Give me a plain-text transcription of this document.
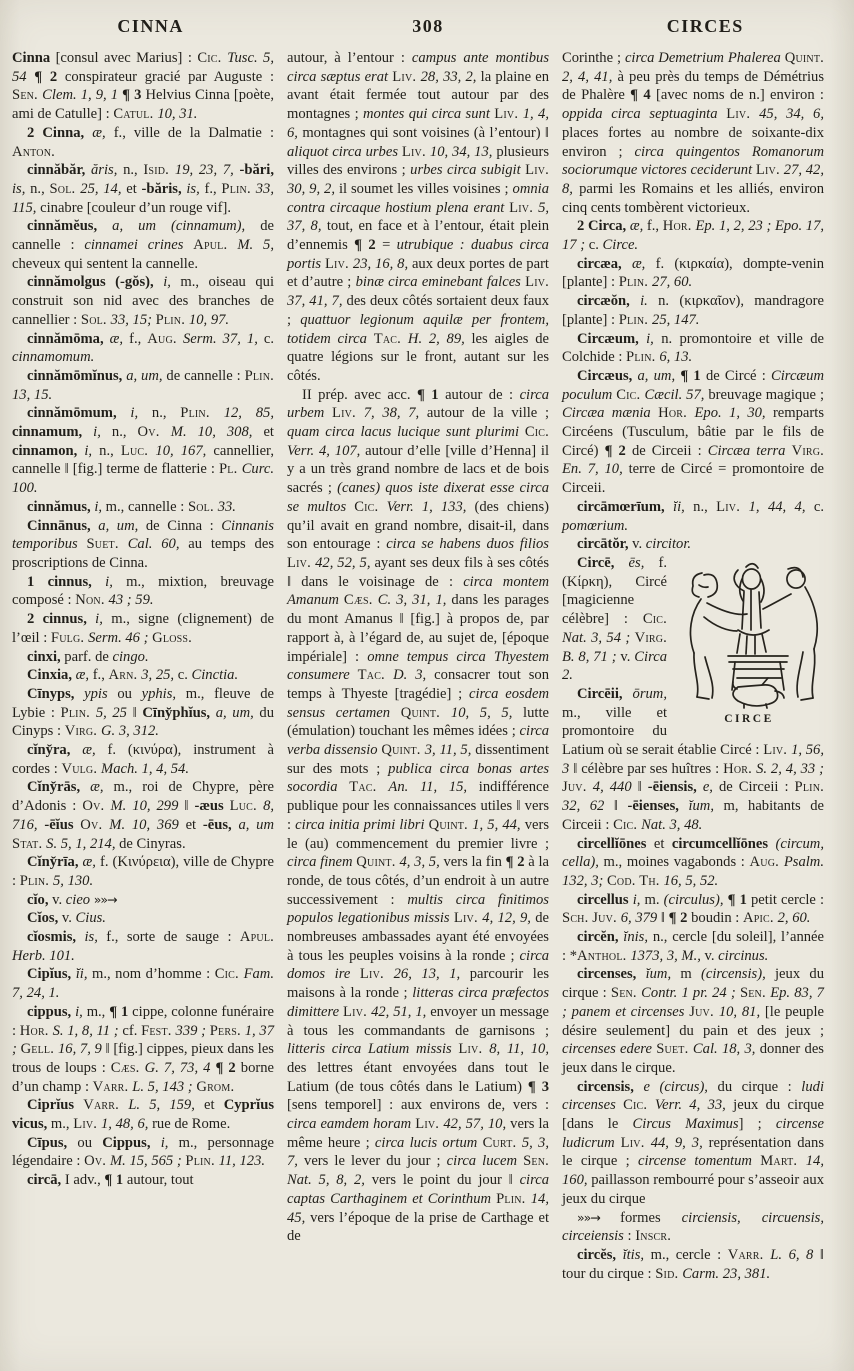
CINNA	308	CIRCES

Cinna [consul avec Marius] : Cic. Tusc. 5, 54 ¶ 2 conspirateur gracié par Auguste : Sen. Clem. 1, 9, 1 ¶ 3 Helvius Cinna [poète, ami de Catulle] : Catul. 10, 31.

2 Cinna, æ, f., ville de la Dalmatie : Anton.

cinnăbăr, ăris, n., Isid. 19, 23, 7, -bări, is, n., Sol. 25, 14, et -băris, is, f., Plin. 33, 115, cinabre [couleur d’un rouge vif].

cinnămĕus, a, um (cinnamum), de cannelle : cinnamei crines Apul. M. 5, cheveux qui sentent la cannelle.

cinnămolgus (-gŏs), i, m., oiseau qui construit son nid avec des branches de cannellier : Sol. 33, 15; Plin. 10, 97.

cinnămōma, æ, f., Aug. Serm. 37, 1, c. cinnamomum.

cinnămōmĭnus, a, um, de cannelle : Plin. 13, 15.

cinnămōmum, i, n., Plin. 12, 85, cinnamum, i, n., Ov. M. 10, 308, et cinnamon, i, n., Luc. 10, 167, cannellier, cannelle ‖ [fig.] terme de flatterie : Pl. Curc. 100.

cinnămus, i, m., cannelle : Sol. 33.

Cinnānus, a, um, de Cinna : Cinnanis temporibus Suet. Cal. 60, au temps des proscriptions de Cinna.

1 cinnus, i, m., mixtion, breuvage composé : Non. 43 ; 59.

2 cinnus, i, m., signe (clignement) de l’œil : Fulg. Serm. 46 ; Gloss.

cinxi, parf. de cingo.

Cinxia, æ, f., Arn. 3, 25, c. Cinctia.

Cīnyps, ypis ou yphis, m., fleuve de Lybie : Plin. 5, 25 ‖ Cīny̆phĭus, a, um, du Cinyps : Virg. G. 3, 312.

cĭny̆ra, æ, f. (κινύρα), instrument à cordes : Vulg. Mach. 1, 4, 54.

Cĭny̆rās, æ, m., roi de Chypre, père d’Adonis : Ov. M. 10, 299 ‖ -æus Luc. 8, 716, -ēĭus Ov. M. 10, 369 et -ēus, a, um Stat. S. 5, 1, 214, de Cinyras.

Cĭny̆rīa, æ, f. (Κινύρεια), ville de Chypre : Plin. 5, 130.

cĭo, v. cieo »»→

Cĭos, v. Cius.

cĭosmis, is, f., sorte de sauge : Apul. Herb. 101.

Cipĭus, ĭi, m., nom d’homme : Cic. Fam. 7, 24, 1.

cippus, i, m., ¶ 1 cippe, colonne funéraire : Hor. S. 1, 8, 11 ; cf. Fest. 339 ; Pers. 1, 37 ; Gell. 16, 7, 9 ‖ [fig.] cippes, pieux dans les trous de loups : Cæs. G. 7, 73, 4 ¶ 2 borne d’un champ : Varr. L. 5, 143 ; Grom.

Ciprĭus Varr. L. 5, 159, et Cyprĭus vicus, m., Liv. 1, 48, 6, rue de Rome.

Cīpus, ou Cippus, i, m., personnage légendaire : Ov. M. 15, 565 ; Plin. 11, 123.

circā, I adv., ¶ 1 autour, tout

autour, à l’entour : campus ante montibus circa sæptus erat Liv. 28, 33, 2, la plaine en avant était fermée tout autour par des montagnes ; montes qui circa sunt Liv. 1, 4, 6, montagnes qui sont voisines (à l’entour) ‖ aliquot circa urbes Liv. 10, 34, 13, plusieurs villes des environs ; urbes circa subigit Liv. 30, 9, 2, il soumet les villes voisines ; omnia contra circaque hostium plena erant Liv. 5, 37, 8, tout, en face et à l’entour, était plein d’ennemis ¶ 2 = utrubique : duabus circa portis Liv. 23, 16, 8, aux deux portes de part et d’autre ; binæ circa eminebant falces Liv. 37, 41, 7, des deux côtés sortaient deux faux ; quattuor legionum aquilæ per frontem, totidem circa Tac. H. 2, 89, les aigles de quatre légions sur le front, autant sur les côtés.

II prép. avec acc. ¶ 1 autour de : circa urbem Liv. 7, 38, 7, autour de la ville ; quam circa lacus lucique sunt plurimi Cic. Verr. 4, 107, autour d’elle [ville d’Henna] il y a un très grand nombre de lacs et de bois sacrés ; (canes) quos iste dixerat esse circa se multos Cic. Verr. 1, 133, (des chiens) qu’il avait en grand nombre, disait-il, dans son entourage : circa se habens duos filios Liv. 42, 52, 5, ayant ses deux fils à ses côtés ‖ dans le voisinage de : circa montem Amanum Cæs. C. 3, 31, 1, dans les parages du mont Amanus ‖ [fig.] à propos de, par rapport à, à l’égard de, au sujet de, [époque impériale] : omne tempus circa Thyestem consumere Tac. D. 3, consacrer tout son temps à Thyeste [tragédie] ; circa eosdem sensus certamen Quint. 10, 5, 5, lutte (émulation) touchant les mêmes idées ; circa verba dissensio Quint. 3, 11, 5, dissentiment sur des mots ; publica circa bonas artes socordia Tac. An. 11, 15, indifférence publique pour les connaissances utiles ‖ vers : circa initia primi libri Quint. 1, 5, 44, vers le (au) commencement du premier livre ; circa finem Quint. 4, 3, 5, vers la fin ¶ 2 à la ronde, de tous côtés, d’un endroit à un autre successivement : multis circa finitimos populos legationibus missis Liv. 4, 12, 9, de nombreuses ambassades ayant été envoyées à tous les peuples voisins à la ronde ; circa domos ire Liv. 26, 13, 1, parcourir les maisons à la ronde ; litteras circa præfectos dimittere Liv. 42, 51, 1, envoyer un message à tous les commandants de garnisons ; litteris circa Latium missis Liv. 8, 11, 10, des lettres étant envoyées dans tout le Latium (de tous côtés dans le Latium) ¶ 3 [sens temporel] : aux environs de, vers : circa eamdem horam Liv. 42, 57, 10, vers la même heure ; circa lucis ortum Curt. 5, 3, 7, vers le lever du jour ; circa lucem Sen. Nat. 5, 8, 2, vers le point du jour ‖ circa captas Carthaginem et Corinthum Plin. 14, 45, vers l’époque de la prise de Carthage et de

Corinthe ; circa Demetrium Phalerea Quint. 2, 4, 41, à peu près du temps de Démétrius de Phalère ¶ 4 [avec noms de n.] environ : oppida circa septuaginta Liv. 45, 34, 6, places fortes au nombre de soixante-dix environ ; circa quingentos Romanorum sociorumque victores ceciderunt Liv. 27, 42, 8, parmi les Romains et les alliés, environ cinq cents tombèrent victorieux.

2 Circa, æ, f., Hor. Ep. 1, 2, 23 ; Epo. 17, 17 ; c. Circe.

circæa, æ, f. (κιρκαία), dompte-venin [plante] : Plin. 27, 60.

circæŏn, i. n. (κιρκαῖον), mandragore [plante] : Plin. 25, 147.

Circæum, i, n. promontoire et ville de Colchide : Plin. 6, 13.

Circæus, a, um, ¶ 1 de Circé : Circæum poculum Cic. Cæcil. 57, breuvage magique ; Circæa mænia Hor. Epo. 1, 30, remparts Circéens (Tusculum, bâtie par le fils de Circé) ¶ 2 de Circeii : Circæa terra Virg. En. 7, 10, terre de Circé = promontoire de Circeii.

circāmœrīum, ĭi, n., Liv. 1, 44, 4, c. pomœrium.

circātŏr, v. circitor.

CIRCE

Circē, ēs, f. (Κίρκη), Circé [magicienne célèbre] : Cic. Nat. 3, 54 ; Virg. B. 8, 71 ; v. Circa 2.

Circēii, ōrum, m., ville et promontoire du Latium où se serait établie Circé : Liv. 1, 56, 3 ‖ célèbre par ses huîtres : Hor. S. 2, 4, 33 ; Juv. 4, 440 ‖ -ēiensis, e, de Circeii : Plin. 32, 62 ‖ -ēienses, ĭum, m, habitants de Circeii : Cic. Nat. 3, 48.

circellĭōnes et circumcellĭōnes (circum, cella), m., moines vagabonds : Aug. Psalm. 132, 3; Cod. Th. 16, 5, 52.

circellus i, m. (circulus), ¶ 1 petit cercle : Sch. Juv. 6, 379 ‖ ¶ 2 boudin : Apic. 2, 60.

circĕn, ĭnis, n., cercle [du soleil], l’année : *Anthol. 1373, 3, M., v. circinus.

circenses, ĭum, m (circensis), jeux du cirque : Sen. Contr. 1 pr. 24 ; Sen. Ep. 83, 7 ; panem et circenses Juv. 10, 81, [le peuple désire seulement] du pain et des jeux ; circenses edere Suet. Cal. 18, 3, donner des jeux dans le cirque.

circensis, e (circus), du cirque : ludi circenses Cic. Verr. 4, 33, jeux du cirque [dans le Circus Maximus] ; circense ludicrum Liv. 44, 9, 3, représentation dans le cirque ; circense tomentum Mart. 14, 160, paillasson rembourré pour s’asseoir aux jeux du cirque

»»→ formes circiensis, circuensis, circeiensis : Inscr.

circĕs, ĭtis, m., cercle : Varr. L. 6, 8 ‖ tour du cirque : Sid. Carm. 23, 381.
